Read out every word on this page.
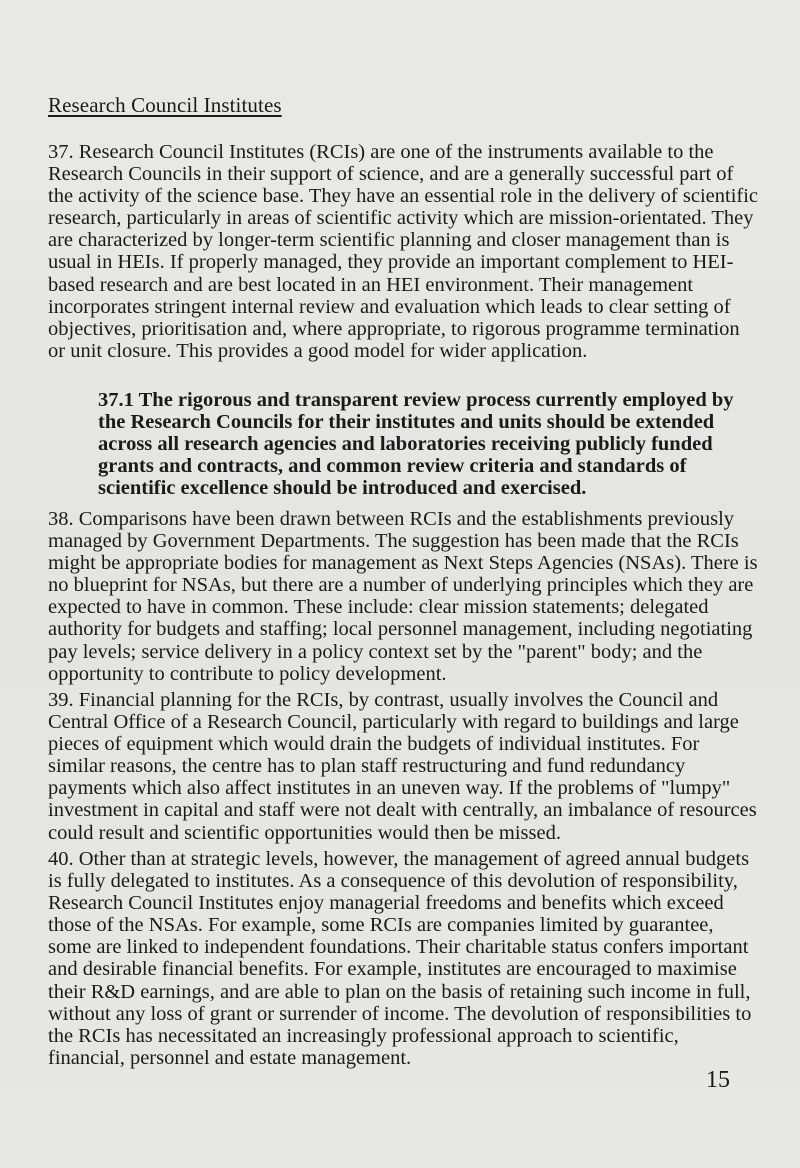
Research Council Institutes

37. Research Council Institutes (RCIs) are one of the instruments available to the Research Councils in their support of science, and are a generally successful part of the activity of the science base. They have an essential role in the delivery of scientific research, particularly in areas of scientific activity which are mission-orientated. They are characterized by longer-term scientific planning and closer management than is usual in HEIs. If properly managed, they provide an important complement to HEI-based research and are best located in an HEI environment. Their management incorporates stringent internal review and evaluation which leads to clear setting of objectives, prioritisation and, where appropriate, to rigorous programme termination or unit closure. This provides a good model for wider application.

37.1 The rigorous and transparent review process currently employed by the Research Councils for their institutes and units should be extended across all research agencies and laboratories receiving publicly funded grants and contracts, and common review criteria and standards of scientific excellence should be introduced and exercised.

38. Comparisons have been drawn between RCIs and the establishments previously managed by Government Departments. The suggestion has been made that the RCIs might be appropriate bodies for management as Next Steps Agencies (NSAs). There is no blueprint for NSAs, but there are a number of underlying principles which they are expected to have in common. These include: clear mission statements; delegated authority for budgets and staffing; local personnel management, including negotiating pay levels; service delivery in a policy context set by the "parent" body; and the opportunity to contribute to policy development.

39. Financial planning for the RCIs, by contrast, usually involves the Council and Central Office of a Research Council, particularly with regard to buildings and large pieces of equipment which would drain the budgets of individual institutes. For similar reasons, the centre has to plan staff restructuring and fund redundancy payments which also affect institutes in an uneven way. If the problems of "lumpy" investment in capital and staff were not dealt with centrally, an imbalance of resources could result and scientific opportunities would then be missed.

40. Other than at strategic levels, however, the management of agreed annual budgets is fully delegated to institutes. As a consequence of this devolution of responsibility, Research Council Institutes enjoy managerial freedoms and benefits which exceed those of the NSAs. For example, some RCIs are companies limited by guarantee, some are linked to independent foundations. Their charitable status confers important and desirable financial benefits. For example, institutes are encouraged to maximise their R&D earnings, and are able to plan on the basis of retaining such income in full, without any loss of grant or surrender of income. The devolution of responsibilities to the RCIs has necessitated an increasingly professional approach to scientific, financial, personnel and estate management.

15
